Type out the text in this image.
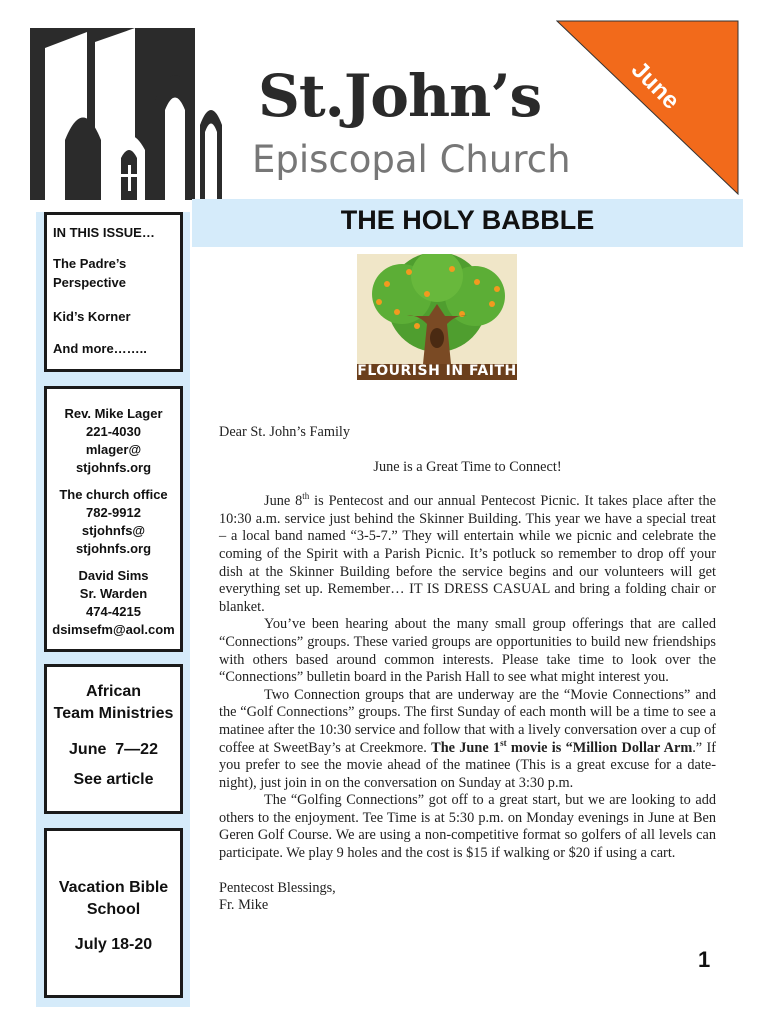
St.John’s
Episcopal Church
June
IN THIS ISSUE…
The Padre’s Perspective
Kid’s Korner
And more……..
Rev. Mike Lager
221-4030
mlager@
stjohnfs.org
The church office
782-9912
stjohnfs@
stjohnfs.org
David Sims
Sr. Warden
474-4215
dsimsefm@aol.com
African
Team Ministries
June  7—22
See article
Vacation Bible
School
July 18-20
THE HOLY BABBLE
FLOURISH IN FAITH

Dear St. John’s Family

June is a Great Time to Connect!

June 8th is Pentecost and our annual Pentecost Picnic. It takes place after the 10:30 a.m. service just behind the Skinner Building. This year we have a special treat – a local band named “3-5-7.” They will entertain while we picnic and celebrate the coming of the Spirit with a Parish Picnic. It’s potluck so remember to drop off your dish at the Skinner Building before the service begins and our volunteers will get everything set up. Remember… IT IS DRESS CASUAL and bring a folding chair or blanket.

You’ve been hearing about the many small group offerings that are called “Connections” groups. These varied groups are opportunities to build new friendships with others based around common interests. Please take time to look over the “Connections” bulletin board in the Parish Hall to see what might interest you.

Two Connection groups that are underway are the “Movie Connections” and the “Golf Connections” groups. The first Sunday of each month will be a time to see a matinee after the 10:30 service and follow that with a lively conversation over a cup of coffee at SweetBay’s at Creekmore. The June 1st movie is “Million Dollar Arm.” If you prefer to see the movie ahead of the matinee (This is a great excuse for a date-night), just join in on the conversation on Sunday at 3:30 p.m.

The “Golfing Connections” got off to a great start, but we are looking to add others to the enjoyment. Tee Time is at 5:30 p.m. on Monday evenings in June at Ben Geren Golf Course. We are using a non-competitive format so golfers of all levels can participate. We play 9 holes and the cost is $15 if walking or $20 if using a cart.

Pentecost Blessings,

Fr. Mike

1
